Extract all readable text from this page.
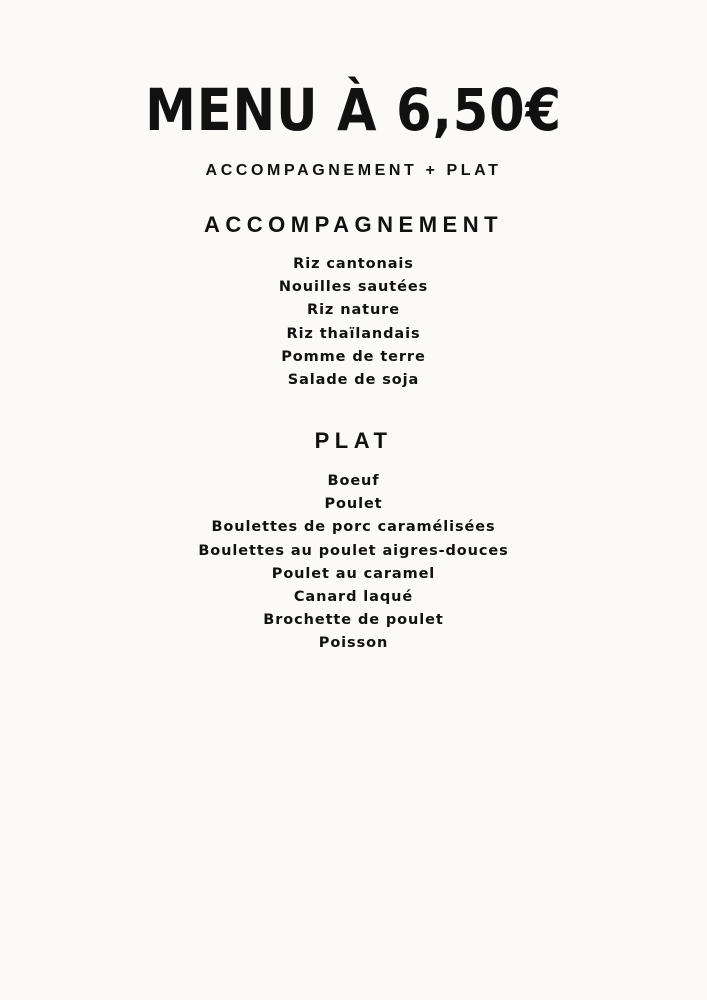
MENU À 6,50€
ACCOMPAGNEMENT + PLAT
ACCOMPAGNEMENT
Riz cantonais
Nouilles sautées
Riz nature
Riz thaïlandais
Pomme de terre
Salade de soja
PLAT
Boeuf
Poulet
Boulettes de porc caramélisées
Boulettes au poulet aigres-douces
Poulet au caramel
Canard laqué
Brochette de poulet
Poisson
